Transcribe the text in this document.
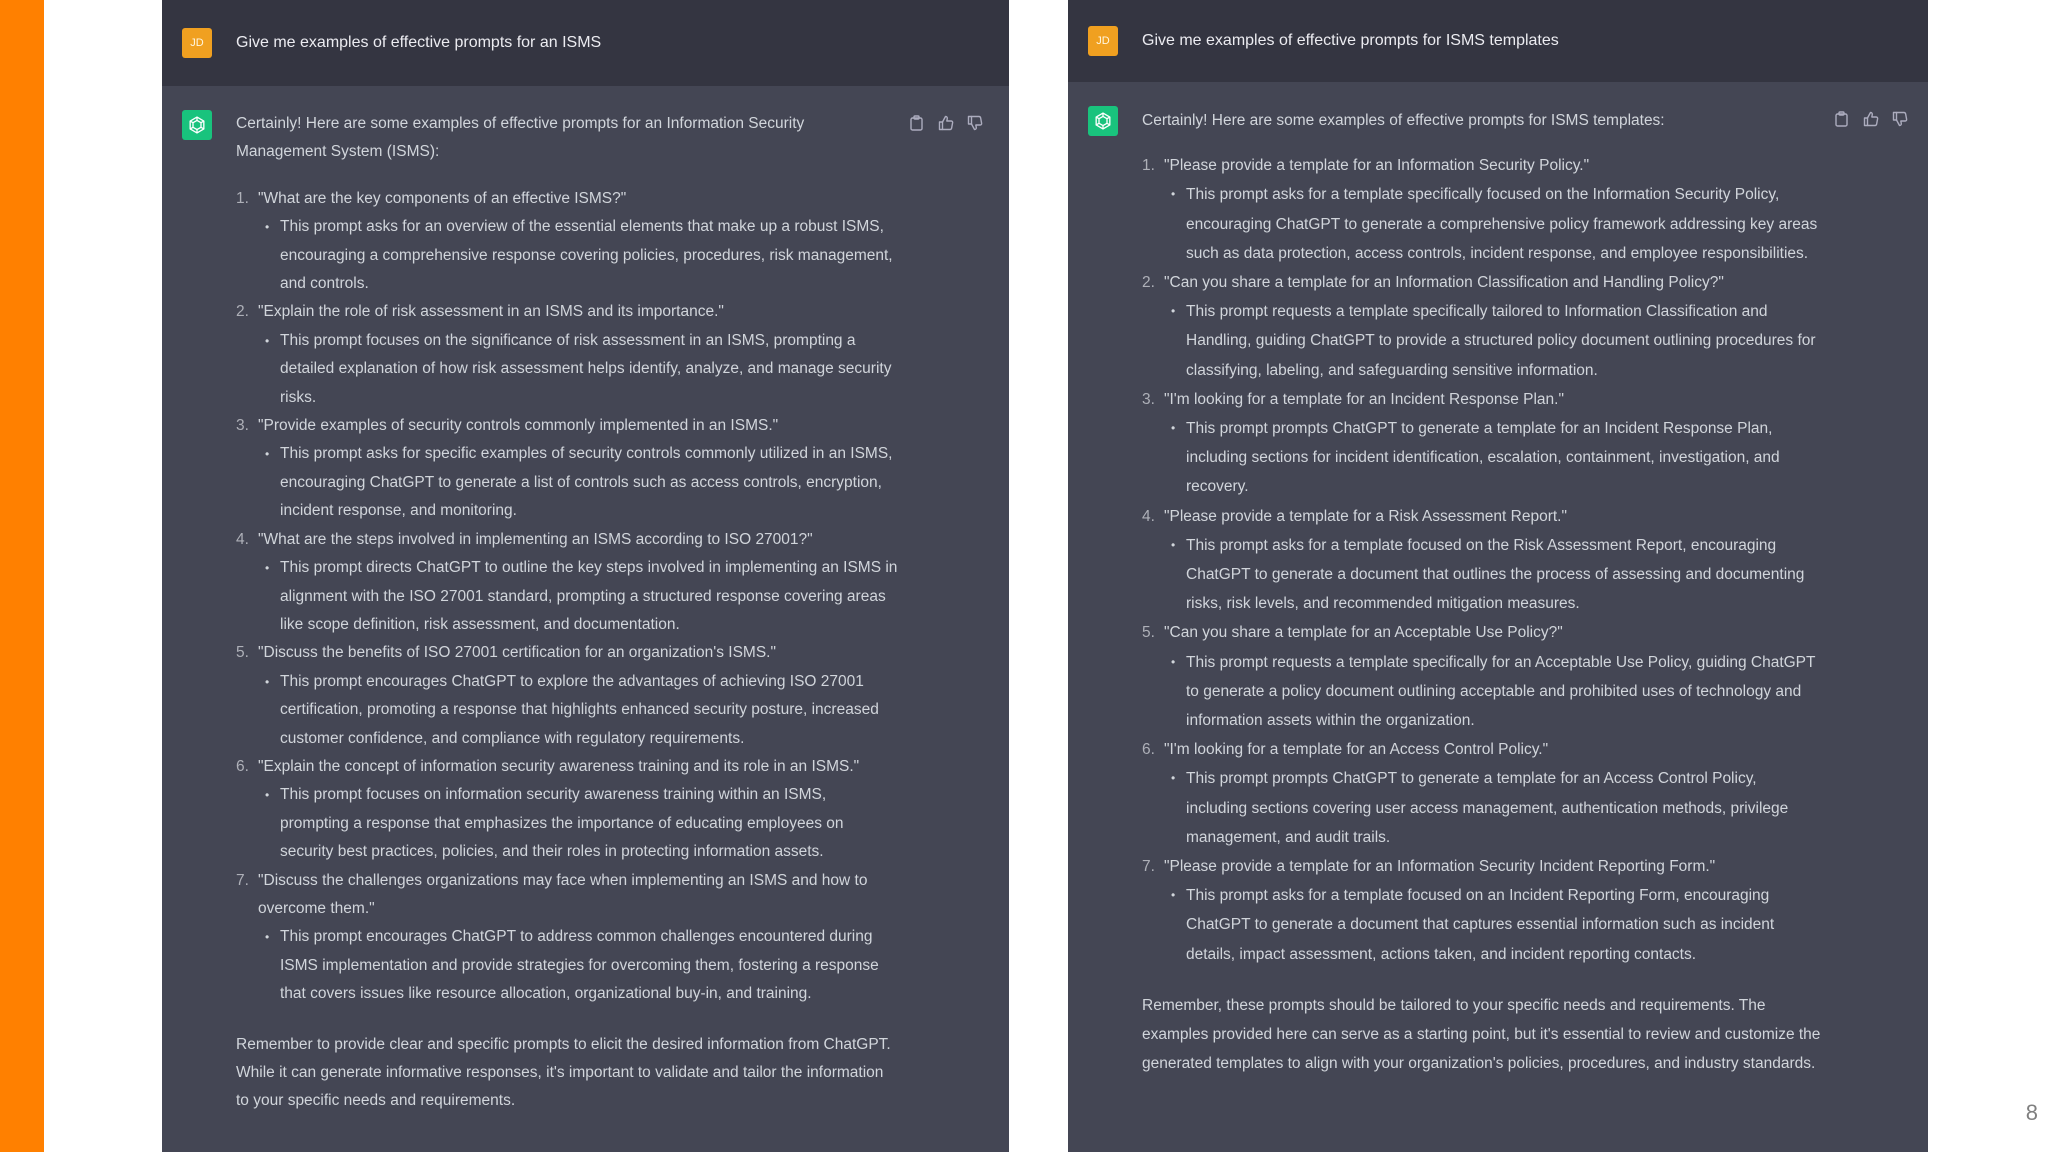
JD	Give me examples of effective prompts for an ISMS

Certainly! Here are some examples of effective prompts for an Information Security Management System (ISMS):

1. "What are the key components of an effective ISMS?"
• This prompt asks for an overview of the essential elements that make up a robust ISMS, encouraging a comprehensive response covering policies, procedures, risk management, and controls.
2. "Explain the role of risk assessment in an ISMS and its importance."
• This prompt focuses on the significance of risk assessment in an ISMS, prompting a detailed explanation of how risk assessment helps identify, analyze, and manage security risks.
3. "Provide examples of security controls commonly implemented in an ISMS."
• This prompt asks for specific examples of security controls commonly utilized in an ISMS, encouraging ChatGPT to generate a list of controls such as access controls, encryption, incident response, and monitoring.
4. "What are the steps involved in implementing an ISMS according to ISO 27001?"
• This prompt directs ChatGPT to outline the key steps involved in implementing an ISMS in alignment with the ISO 27001 standard, prompting a structured response covering areas like scope definition, risk assessment, and documentation.
5. "Discuss the benefits of ISO 27001 certification for an organization's ISMS."
• This prompt encourages ChatGPT to explore the advantages of achieving ISO 27001 certification, promoting a response that highlights enhanced security posture, increased customer confidence, and compliance with regulatory requirements.
6. "Explain the concept of information security awareness training and its role in an ISMS."
• This prompt focuses on information security awareness training within an ISMS, prompting a response that emphasizes the importance of educating employees on security best practices, policies, and their roles in protecting information assets.
7. "Discuss the challenges organizations may face when implementing an ISMS and how to overcome them."
• This prompt encourages ChatGPT to address common challenges encountered during ISMS implementation and provide strategies for overcoming them, fostering a response that covers issues like resource allocation, organizational buy-in, and training.

Remember to provide clear and specific prompts to elicit the desired information from ChatGPT. While it can generate informative responses, it's important to validate and tailor the information to your specific needs and requirements.

JD	Give me examples of effective prompts for ISMS templates

Certainly! Here are some examples of effective prompts for ISMS templates:

1. "Please provide a template for an Information Security Policy."
• This prompt asks for a template specifically focused on the Information Security Policy, encouraging ChatGPT to generate a comprehensive policy framework addressing key areas such as data protection, access controls, incident response, and employee responsibilities.
2. "Can you share a template for an Information Classification and Handling Policy?"
• This prompt requests a template specifically tailored to Information Classification and Handling, guiding ChatGPT to provide a structured policy document outlining procedures for classifying, labeling, and safeguarding sensitive information.
3. "I'm looking for a template for an Incident Response Plan."
• This prompt prompts ChatGPT to generate a template for an Incident Response Plan, including sections for incident identification, escalation, containment, investigation, and recovery.
4. "Please provide a template for a Risk Assessment Report."
• This prompt asks for a template focused on the Risk Assessment Report, encouraging ChatGPT to generate a document that outlines the process of assessing and documenting risks, risk levels, and recommended mitigation measures.
5. "Can you share a template for an Acceptable Use Policy?"
• This prompt requests a template specifically for an Acceptable Use Policy, guiding ChatGPT to generate a policy document outlining acceptable and prohibited uses of technology and information assets within the organization.
6. "I'm looking for a template for an Access Control Policy."
• This prompt prompts ChatGPT to generate a template for an Access Control Policy, including sections covering user access management, authentication methods, privilege management, and audit trails.
7. "Please provide a template for an Information Security Incident Reporting Form."
• This prompt asks for a template focused on an Incident Reporting Form, encouraging ChatGPT to generate a document that captures essential information such as incident details, impact assessment, actions taken, and incident reporting contacts.

Remember, these prompts should be tailored to your specific needs and requirements. The examples provided here can serve as a starting point, but it's essential to review and customize the generated templates to align with your organization's policies, procedures, and industry standards.

8
